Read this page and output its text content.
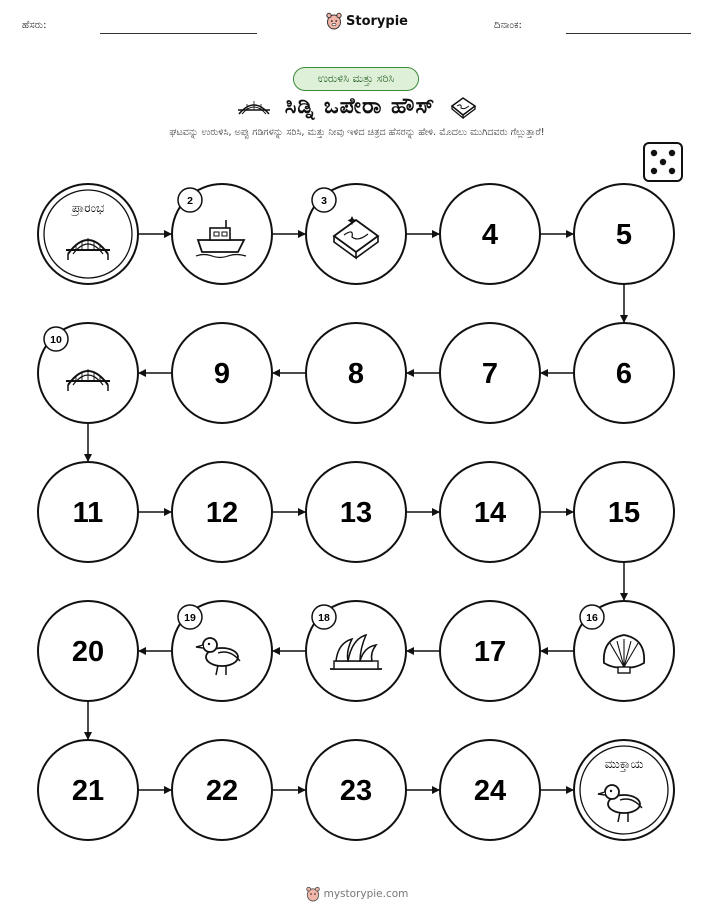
ಹೆಸರು:	Storypie	ದಿನಾಂಕ:
ಉರುಳಿಸಿ ಮತ್ತು ಸರಿಸಿ
ಸಿಡ್ನಿ ಒಪೇರಾ ಹೌಸ್
ಘಟವನ್ನು ಉರುಳಿಸಿ, ಅಪ್ಪು ಗಡಿಗಳನ್ನು ಸರಿಸಿ, ಮತ್ತು ನೀವು ಇಳಿದ ಚಿತ್ರದ ಹೆಸರನ್ನು ಹೇಳಿ. ಮೊದಲು ಮುಗಿದವರು ಗೆಲ್ಲುತ್ತಾರೆ!
ಪ್ರಾರಂಭ	2	3
4	5
6
7
8
9
10
11	12	13	14	15
16
17
18
19
20
21	22	23	24
ಮುಕ್ತಾಯ
mystorypie.com
